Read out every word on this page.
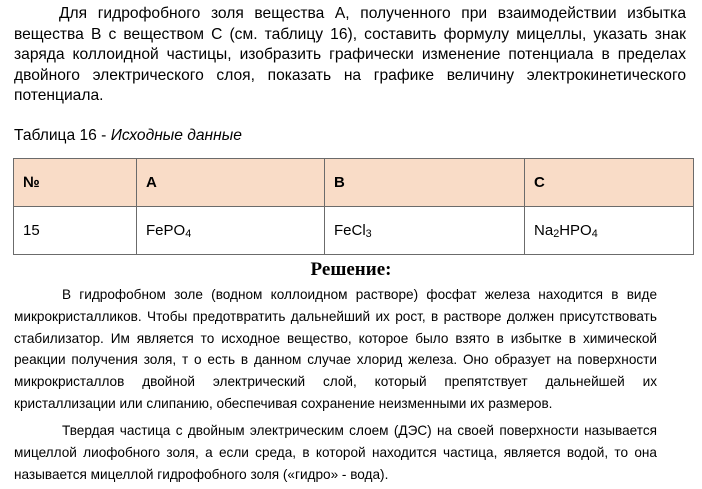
Для гидрофобного золя вещества А, полученного при взаимодействии избытка вещества В с веществом С (см. таблицу 16), составить формулу мицеллы, указать знак заряда коллоидной частицы, изобразить графически изменение потенциала в пределах двойного электрического слоя, показать на графике величину электрокинетического потенциала.

Таблица 16 - Исходные данные

№	A	B	C
15	FePO$_4$	FeCl$_3$	$Na_2HPO_4$

Решение:

В гидрофобном золе (водном коллоидном растворе) фосфат железа находится в виде микрокристалликов. Чтобы предотвратить дальнейший их рост, в растворе должен присутствовать стабилизатор. Им является то исходное вещество, которое было взято в избытке в химической реакции получения золя, т о есть в данном случае хлорид железа. Оно образует на поверхности микрокристаллов двойной электрический слой, который препятствует дальнейшей их кристаллизации или слипанию, обеспечивая сохранение неизменными их размеров.

Твердая частица с двойным электрическим слоем (ДЭС) на своей поверхности называется мицеллой лиофобного золя, а если среда, в которой находится частица, является водой, то она называется мицеллой гидрофобного золя («гидро» - вода).
